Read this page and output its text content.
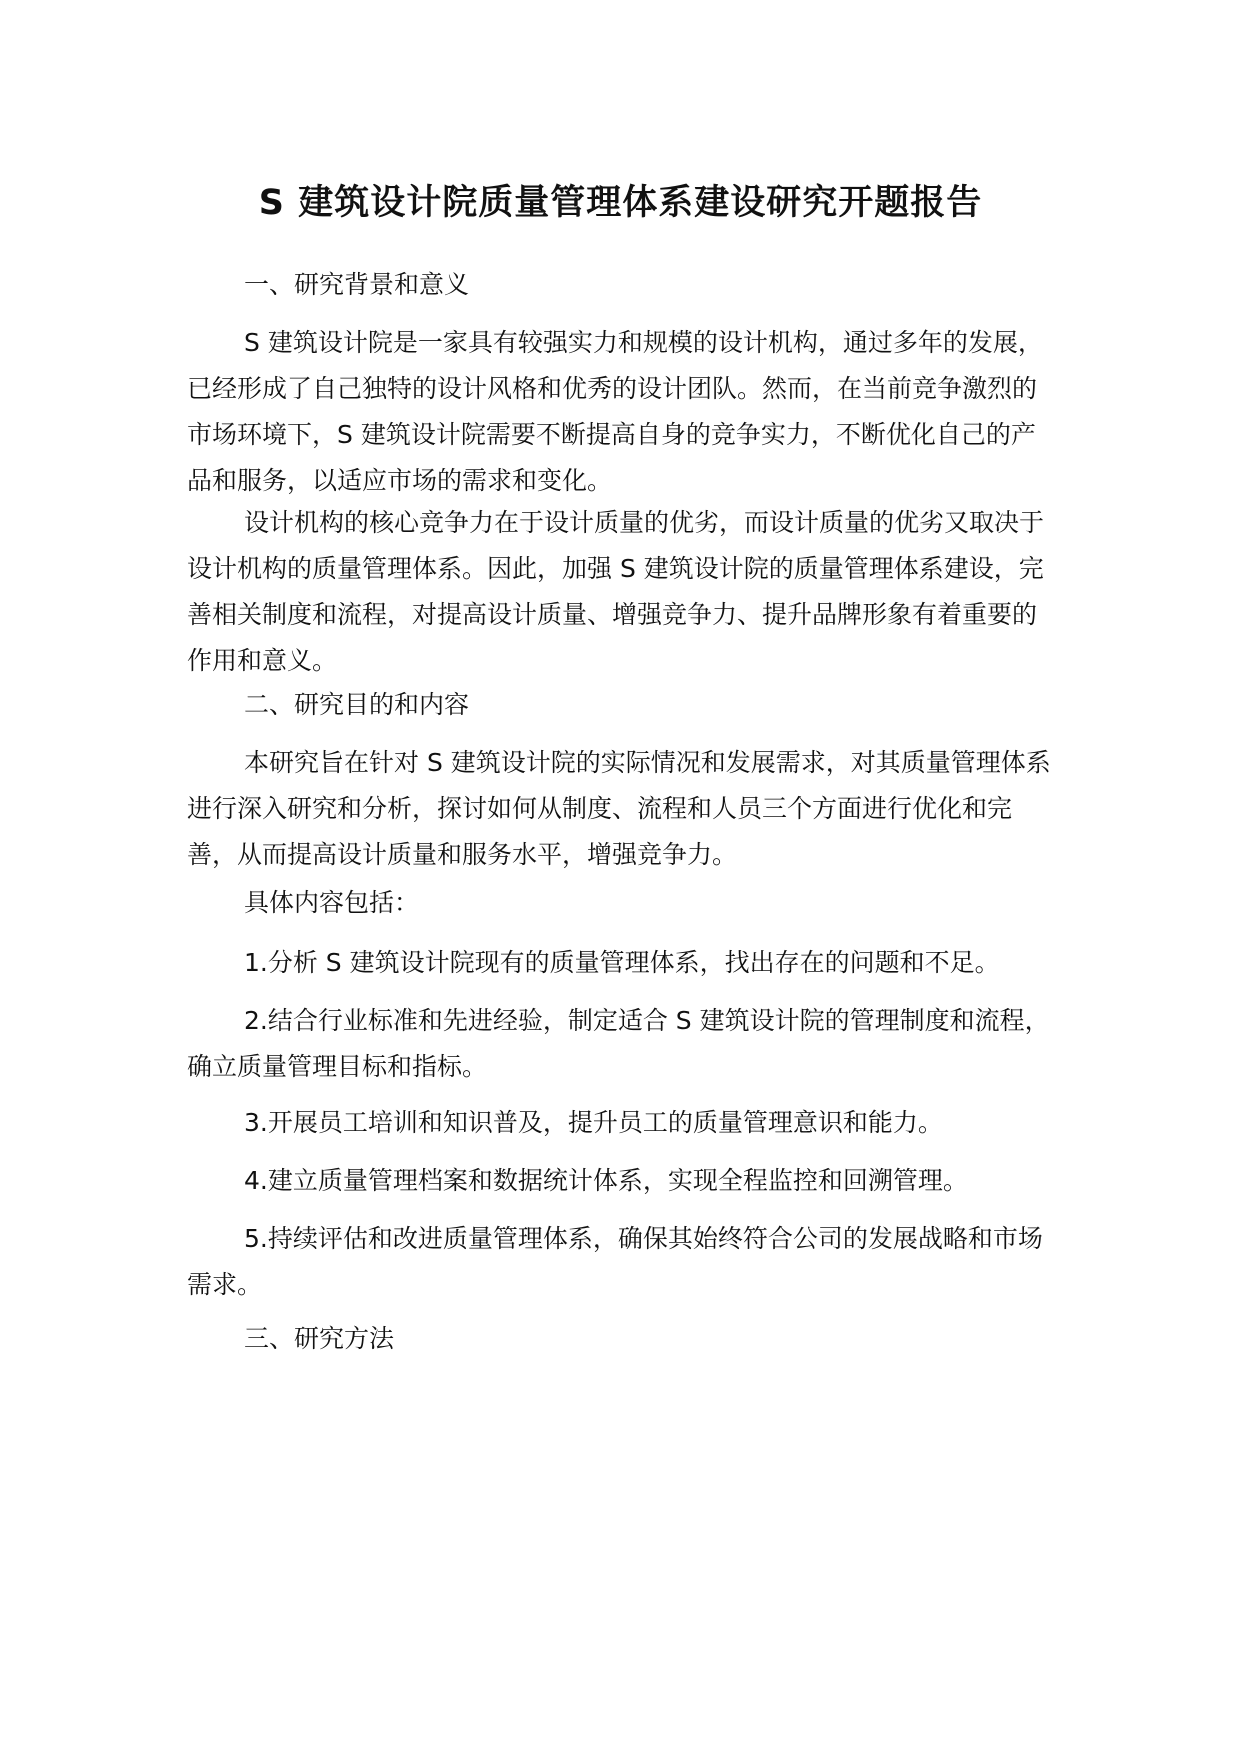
S 建筑设计院质量管理体系建设研究开题报告

一、研究背景和意义

S 建筑设计院是一家具有较强实力和规模的设计机构，通过多年的发展，已经形成了自己独特的设计风格和优秀的设计团队。然而，在当前竞争激烈的市场环境下，S 建筑设计院需要不断提高自身的竞争实力，不断优化自己的产品和服务，以适应市场的需求和变化。

设计机构的核心竞争力在于设计质量的优劣，而设计质量的优劣又取决于设计机构的质量管理体系。因此，加强 S 建筑设计院的质量管理体系建设，完善相关制度和流程，对提高设计质量、增强竞争力、提升品牌形象有着重要的作用和意义。

二、研究目的和内容

本研究旨在针对 S 建筑设计院的实际情况和发展需求，对其质量管理体系进行深入研究和分析，探讨如何从制度、流程和人员三个方面进行优化和完善，从而提高设计质量和服务水平，增强竞争力。

具体内容包括：

1.分析 S 建筑设计院现有的质量管理体系，找出存在的问题和不足。

2.结合行业标准和先进经验，制定适合 S 建筑设计院的管理制度和流程，确立质量管理目标和指标。

3.开展员工培训和知识普及，提升员工的质量管理意识和能力。

4.建立质量管理档案和数据统计体系，实现全程监控和回溯管理。

5.持续评估和改进质量管理体系，确保其始终符合公司的发展战略和市场需求。

三、研究方法
